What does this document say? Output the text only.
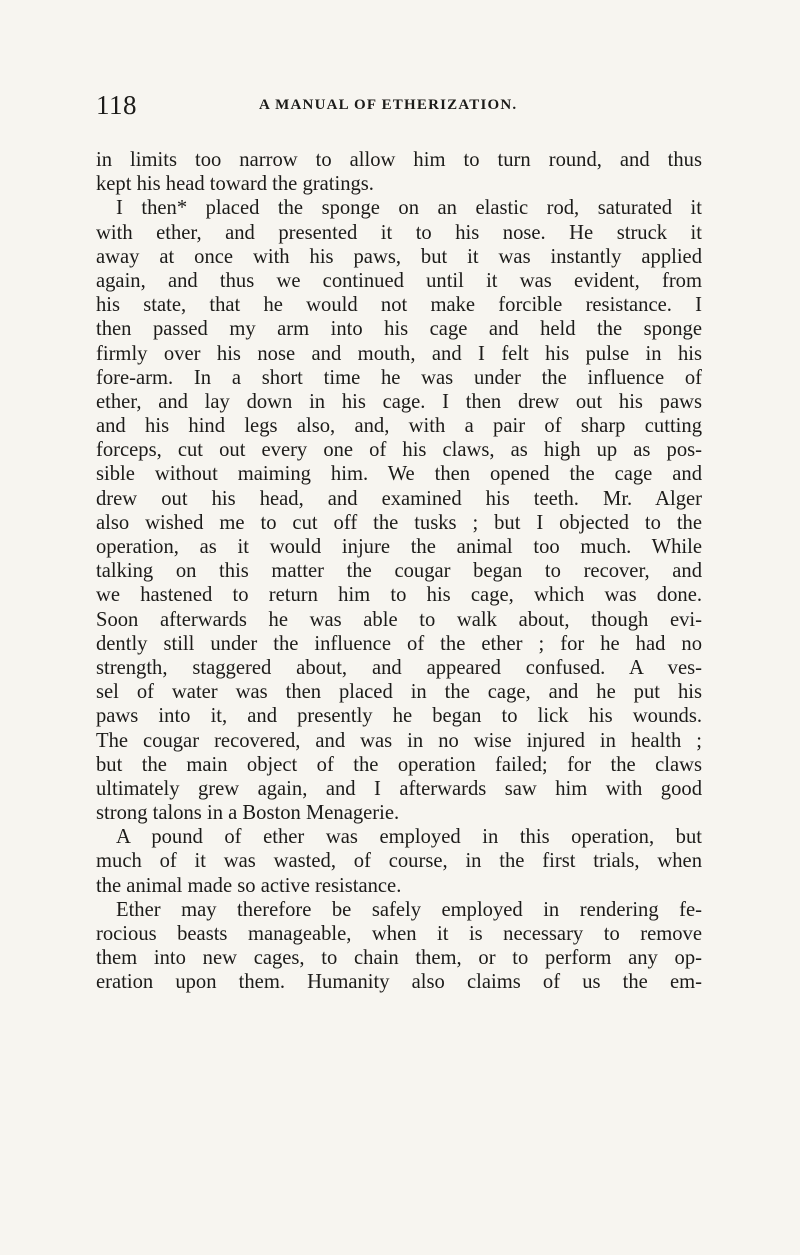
118	A MANUAL OF ETHERIZATION.
in limits too narrow to allow him to turn round, and thus
kept his head toward the gratings.
I then* placed the sponge on an elastic rod, saturated it
with ether, and presented it to his nose. He struck it
away at once with his paws, but it was instantly applied
again, and thus we continued until it was evident, from
his state, that he would not make forcible resistance. I
then passed my arm into his cage and held the sponge
firmly over his nose and mouth, and I felt his pulse in his
fore-arm. In a short time he was under the influence of
ether, and lay down in his cage. I then drew out his paws
and his hind legs also, and, with a pair of sharp cutting
forceps, cut out every one of his claws, as high up as pos-
sible without maiming him. We then opened the cage and
drew out his head, and examined his teeth. Mr. Alger
also wished me to cut off the tusks ; but I objected to the
operation, as it would injure the animal too much. While
talking on this matter the cougar began to recover, and
we hastened to return him to his cage, which was done.
Soon afterwards he was able to walk about, though evi-
dently still under the influence of the ether ; for he had no
strength, staggered about, and appeared confused. A ves-
sel of water was then placed in the cage, and he put his
paws into it, and presently he began to lick his wounds.
The cougar recovered, and was in no wise injured in health ;
but the main object of the operation failed; for the claws
ultimately grew again, and I afterwards saw him with good
strong talons in a Boston Menagerie.
A pound of ether was employed in this operation, but
much of it was wasted, of course, in the first trials, when
the animal made so active resistance.
Ether may therefore be safely employed in rendering fe-
rocious beasts manageable, when it is necessary to remove
them into new cages, to chain them, or to perform any op-
eration upon them. Humanity also claims of us the em-
